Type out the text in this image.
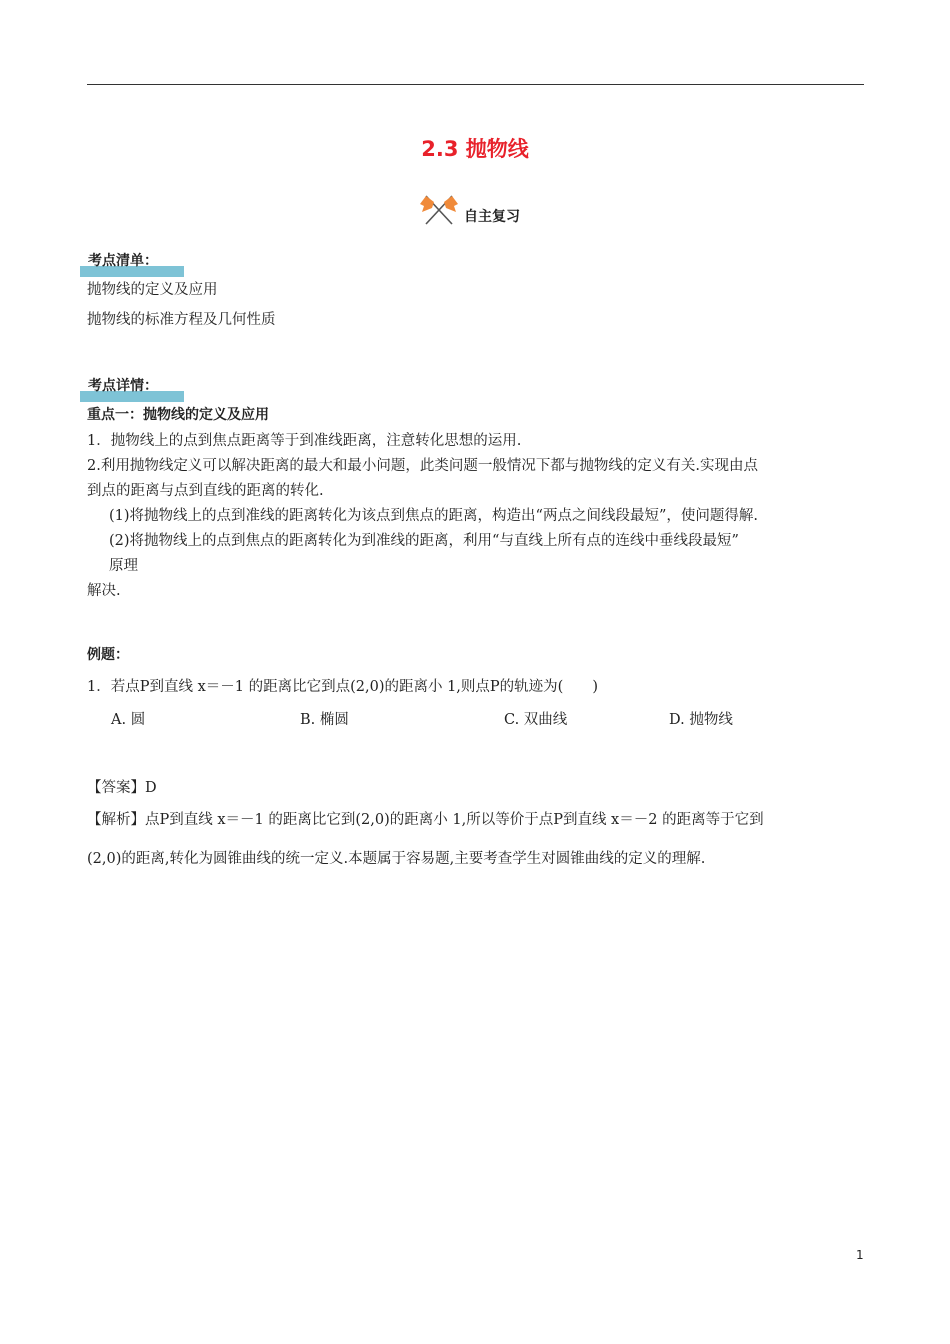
2.3 抛物线
自主复习
考点清单：
抛物线的定义及应用
抛物线的标准方程及几何性质
考点详情：
重点一：抛物线的定义及应用
1．抛物线上的点到焦点距离等于到准线距离，注意转化思想的运用.
2.利用抛物线定义可以解决距离的最大和最小问题，此类问题一般情况下都与抛物线的定义有关.实现由点
到点的距离与点到直线的距离的转化.
(1)将抛物线上的点到准线的距离转化为该点到焦点的距离，构造出“两点之间线段最短”，使问题得解.
(2)将抛物线上的点到焦点的距离转化为到准线的距离，利用“与直线上所有点的连线中垂线段最短”
原理
解决.
例题：
1．若点P到直线 x＝－1 的距离比它到点(2,0)的距离小 1,则点P的轨迹为(　　)
A. 圆	B. 椭圆	C. 双曲线	D. 抛物线
【答案】D
【解析】点P到直线 x＝－1 的距离比它到(2,0)的距离小 1,所以等价于点P到直线 x＝－2 的距离等于它到
(2,0)的距离,转化为圆锥曲线的统一定义.本题属于容易题,主要考查学生对圆锥曲线的定义的理解.
1
